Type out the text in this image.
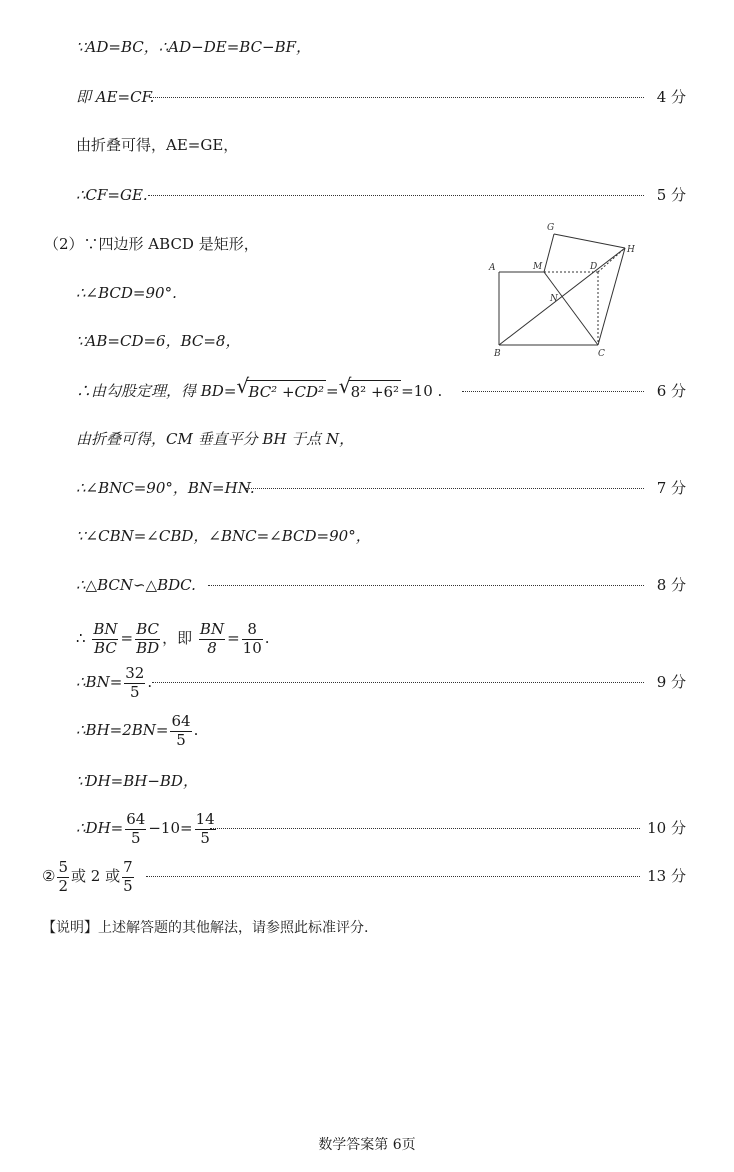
∵AD=BC，∴AD−DE=BC−BF，
即 AE=CF.	4 分
由折叠可得，AE=GE，
∴CF=GE.	5 分
（2）∵四边形 ABCD 是矩形，
∴∠BCD=90°.
∵AB=CD=6，BC=8，
A
B	C
D
G
H
M
N
∴由勾股定理，得 BD= √ BC² +CD² = √ 8² +6² =10 .	6 分
由折叠可得，CM 垂直平分 BH 于点 N，
∴∠BNC=90°，BN=HN.	7 分
∵∠CBN=∠CBD，∠BNC=∠BCD=90°，
∴△BCN∽△BDC.	8 分
∴ $\frac{BN}{BC} = \frac{BC}{BD}$ ，即 $\frac{BN}{8} = \frac{8}{10}$ .
∴BN= $\frac{32}{5}$ .	9 分
∴BH=2BN= $\frac{64}{5}$ .
∵DH=BH−BD，
∴DH= $\frac{64}{5} -10= \frac{14}{5}$	10 分
② $\frac{5}{2}$ 或 2 或 $\frac{7}{5}$	13 分
【说明】上述解答题的其他解法，请参照此标准评分.
数学答案第 6页
